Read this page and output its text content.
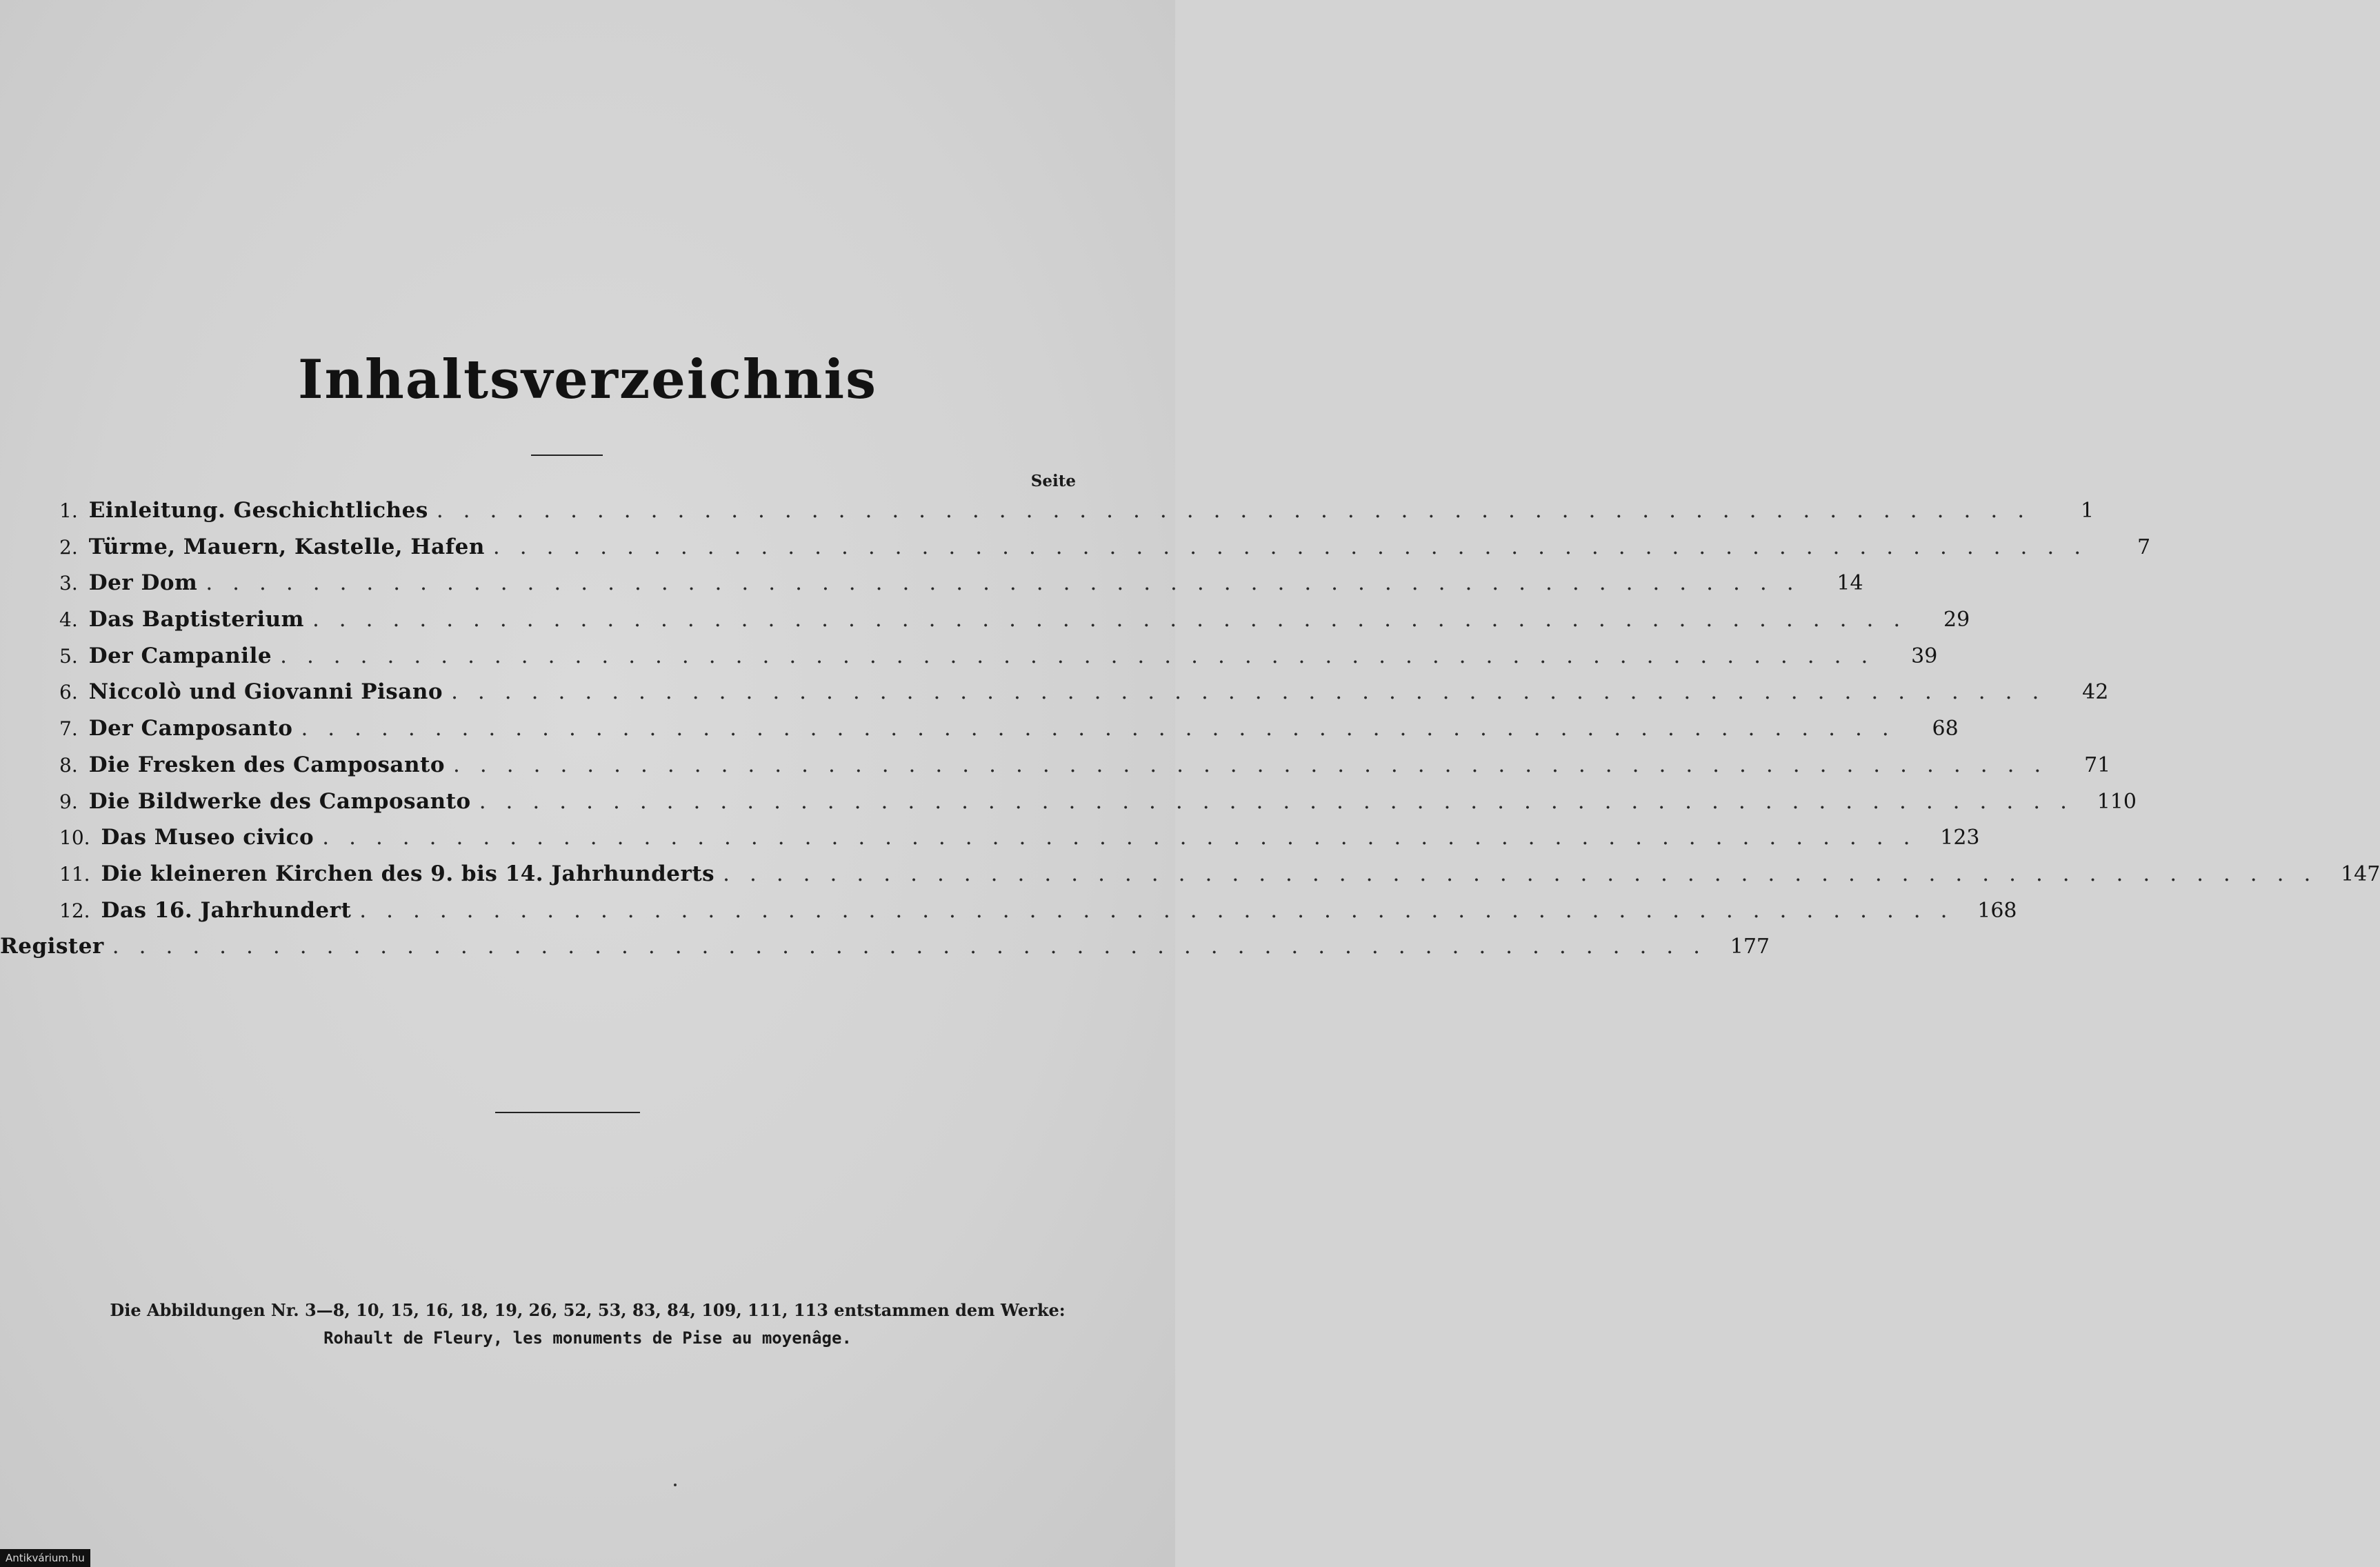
Inhaltsverzeichnis
Seite
1. Einleitung. Geschichtliches ............................................................	1
2. Türme, Mauern, Kastelle, Hafen ............................................................	7
3. Der Dom ............................................................	14
4. Das Baptisterium ............................................................	29
5. Der Campanile ............................................................	39
6. Niccolò und Giovanni Pisano ............................................................	42
7. Der Camposanto ............................................................	68
8. Die Fresken des Camposanto ............................................................	71
9. Die Bildwerke des Camposanto ............................................................ 110
10. Das Museo civico ............................................................ 123
11. Die kleineren Kirchen des 9. bis 14. Jahrhunderts ............................................................ 147
12. Das 16. Jahrhundert ............................................................ 168
Register ............................................................ 177
Die Abbildungen Nr. 3—8, 10, 15, 16, 18, 19, 26, 52, 53, 83, 84, 109, 111, 113 entstammen dem Werke:
Rohault de Fleury, les monuments de Pise au moyenâge.
Antikvárium.hu
